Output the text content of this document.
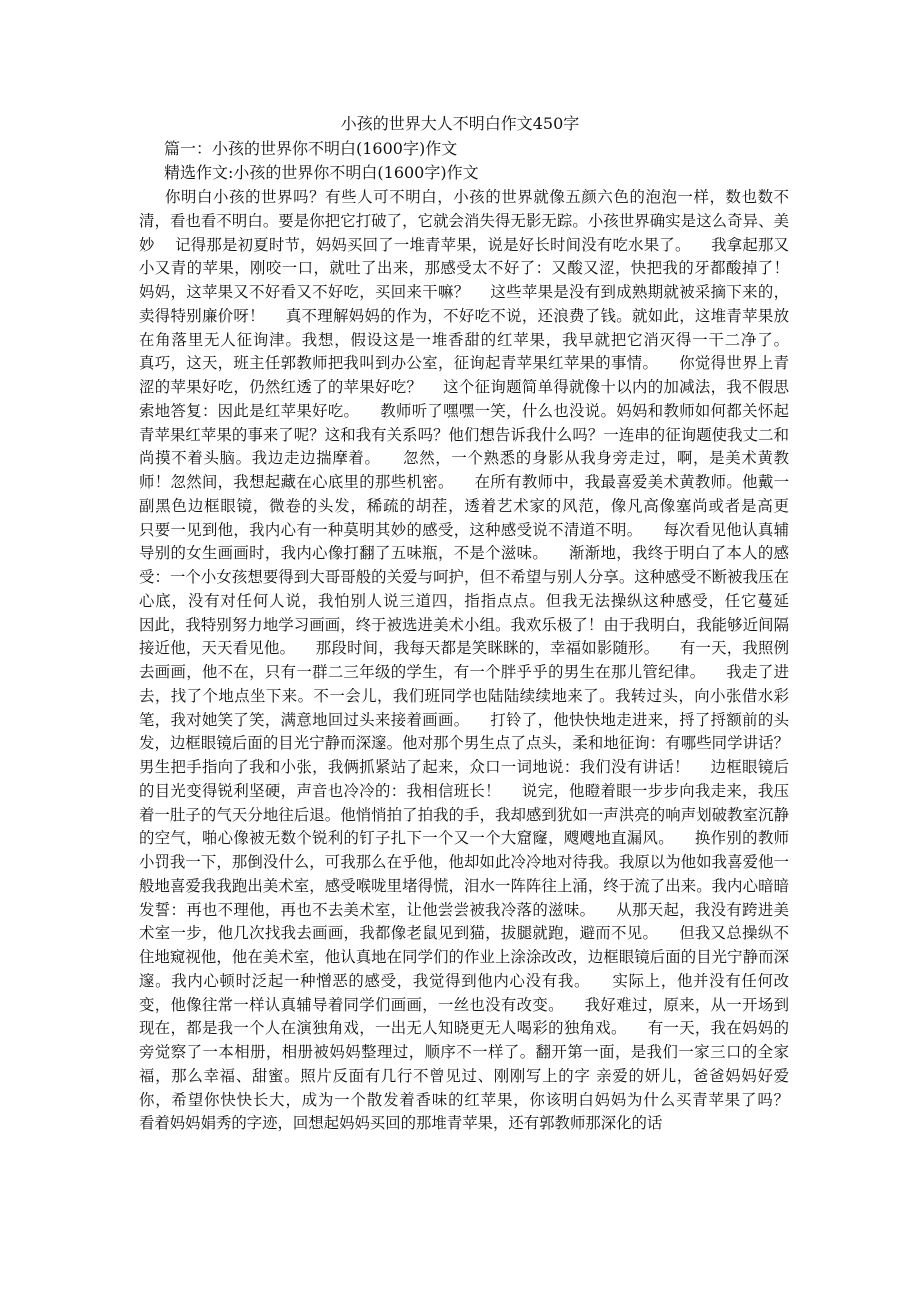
小孩的世界大人不明白作文450字
篇一：小孩的世界你不明白(1600字)作文
精选作文:小孩的世界你不明白(1600字)作文

你明白小孩的世界吗？有些人可不明白，小孩的世界就像五颜六色的泡泡一样，数也数不清，看也看不明白。要是你把它打破了，它就会消失得无影无踪。小孩世界确实是这么奇异、美妙    记得那是初夏时节，妈妈买回了一堆青苹果，说是好长时间没有吃水果了。    我拿起那又小又青的苹果，刚咬一口，就吐了出来，那感受太不好了：又酸又涩，快把我的牙都酸掉了！    妈妈，这苹果又不好看又不好吃，买回来干嘛？    这些苹果是没有到成熟期就被采摘下来的，卖得特别廉价呀！    真不理解妈妈的作为，不好吃不说，还浪费了钱。就如此，这堆青苹果放在角落里无人征询津。我想，假设这是一堆香甜的红苹果，我早就把它消灭得一干二净了。    真巧，这天，班主任郭教师把我叫到办公室，征询起青苹果红苹果的事情。    你觉得世界上青涩的苹果好吃，仍然红透了的苹果好吃？    这个征询题简单得就像十以内的加减法，我不假思索地答复：因此是红苹果好吃。    教师听了嘿嘿一笑，什么也没说。妈妈和教师如何都关怀起青苹果红苹果的事来了呢？这和我有关系吗？他们想告诉我什么吗？一连串的征询题使我丈二和尚摸不着头脑。我边走边揣摩着。    忽然，一个熟悉的身影从我身旁走过，啊，是美术黄教师！忽然间，我想起藏在心底里的那些机密。    在所有教师中，我最喜爱美术黄教师。他戴一副黑色边框眼镜，微卷的头发，稀疏的胡茬，透着艺术家的风范，像凡高像塞尚或者是高更    只要一见到他，我内心有一种莫明其妙的感受，这种感受说不清道不明。    每次看见他认真辅导别的女生画画时，我内心像打翻了五味瓶，不是个滋味。    渐渐地，我终于明白了本人的感受：一个小女孩想要得到大哥哥般的关爱与呵护，但不希望与别人分享。这种感受不断被我压在心底，没有对任何人说，我怕别人说三道四，指指点点。但我无法操纵这种感受，任它蔓延    因此，我特别努力地学习画画，终于被选进美术小组。我欢乐极了！由于我明白，我能够近间隔接近他，天天看见他。    那段时间，我每天都是笑眯眯的，幸福如影随形。    有一天，我照例去画画，他不在，只有一群二三年级的学生，有一个胖乎乎的男生在那儿管纪律。    我走了进去，找了个地点坐下来。不一会儿，我们班同学也陆陆续续地来了。我转过头，向小张借水彩笔，我对她笑了笑，满意地回过头来接着画画。    打铃了，他快快地走进来，捋了捋额前的头发，边框眼镜后面的目光宁静而深邃。他对那个男生点了点头，柔和地征询：有哪些同学讲话？男生把手指向了我和小张，我俩抓紧站了起来，众口一词地说：我们没有讲话！    边框眼镜后的目光变得锐利坚硬，声音也冷冷的：我相信班长！    说完，他瞪着眼一步步向我走来，我压着一肚子的气天分地往后退。他悄悄拍了拍我的手，我却感到犹如一声洪亮的响声划破教室沉静的空气，啪心像被无数个锐利的钉子扎下一个又一个大窟窿，飕飕地直漏风。    换作别的教师小罚我一下，那倒没什么，可我那么在乎他，他却如此冷冷地对待我。我原以为他如我喜爱他一般地喜爱我我跑出美术室，感受喉咙里堵得慌，泪水一阵阵往上涌，终于流了出来。我内心暗暗发誓：再也不理他，再也不去美术室，让他尝尝被我冷落的滋味。    从那天起，我没有跨进美术室一步，他几次找我去画画，我都像老鼠见到猫，拔腿就跑，避而不见。    但我又总操纵不住地窥视他，他在美术室，他认真地在同学们的作业上涂涂改改，边框眼镜后面的目光宁静而深邃。我内心顿时泛起一种憎恶的感受，我觉得到他内心没有我。    实际上，他并没有任何改变，他像往常一样认真辅导着同学们画画，一丝也没有改变。    我好难过，原来，从一开场到现在，都是我一个人在演独角戏，一出无人知晓更无人喝彩的独角戏。    有一天，我在妈妈的旁觉察了一本相册，相册被妈妈整理过，顺序不一样了。翻开第一面，是我们一家三口的全家福，那么幸福、甜蜜。照片反面有几行不曾见过、刚刚写上的字 亲爱的妍儿，爸爸妈妈好爱你，希望你快快长大，成为一个散发着香味的红苹果，你该明白妈妈为什么买青苹果了吗？    看着妈妈娟秀的字迹，回想起妈妈买回的那堆青苹果，还有郭教师那深化的话
